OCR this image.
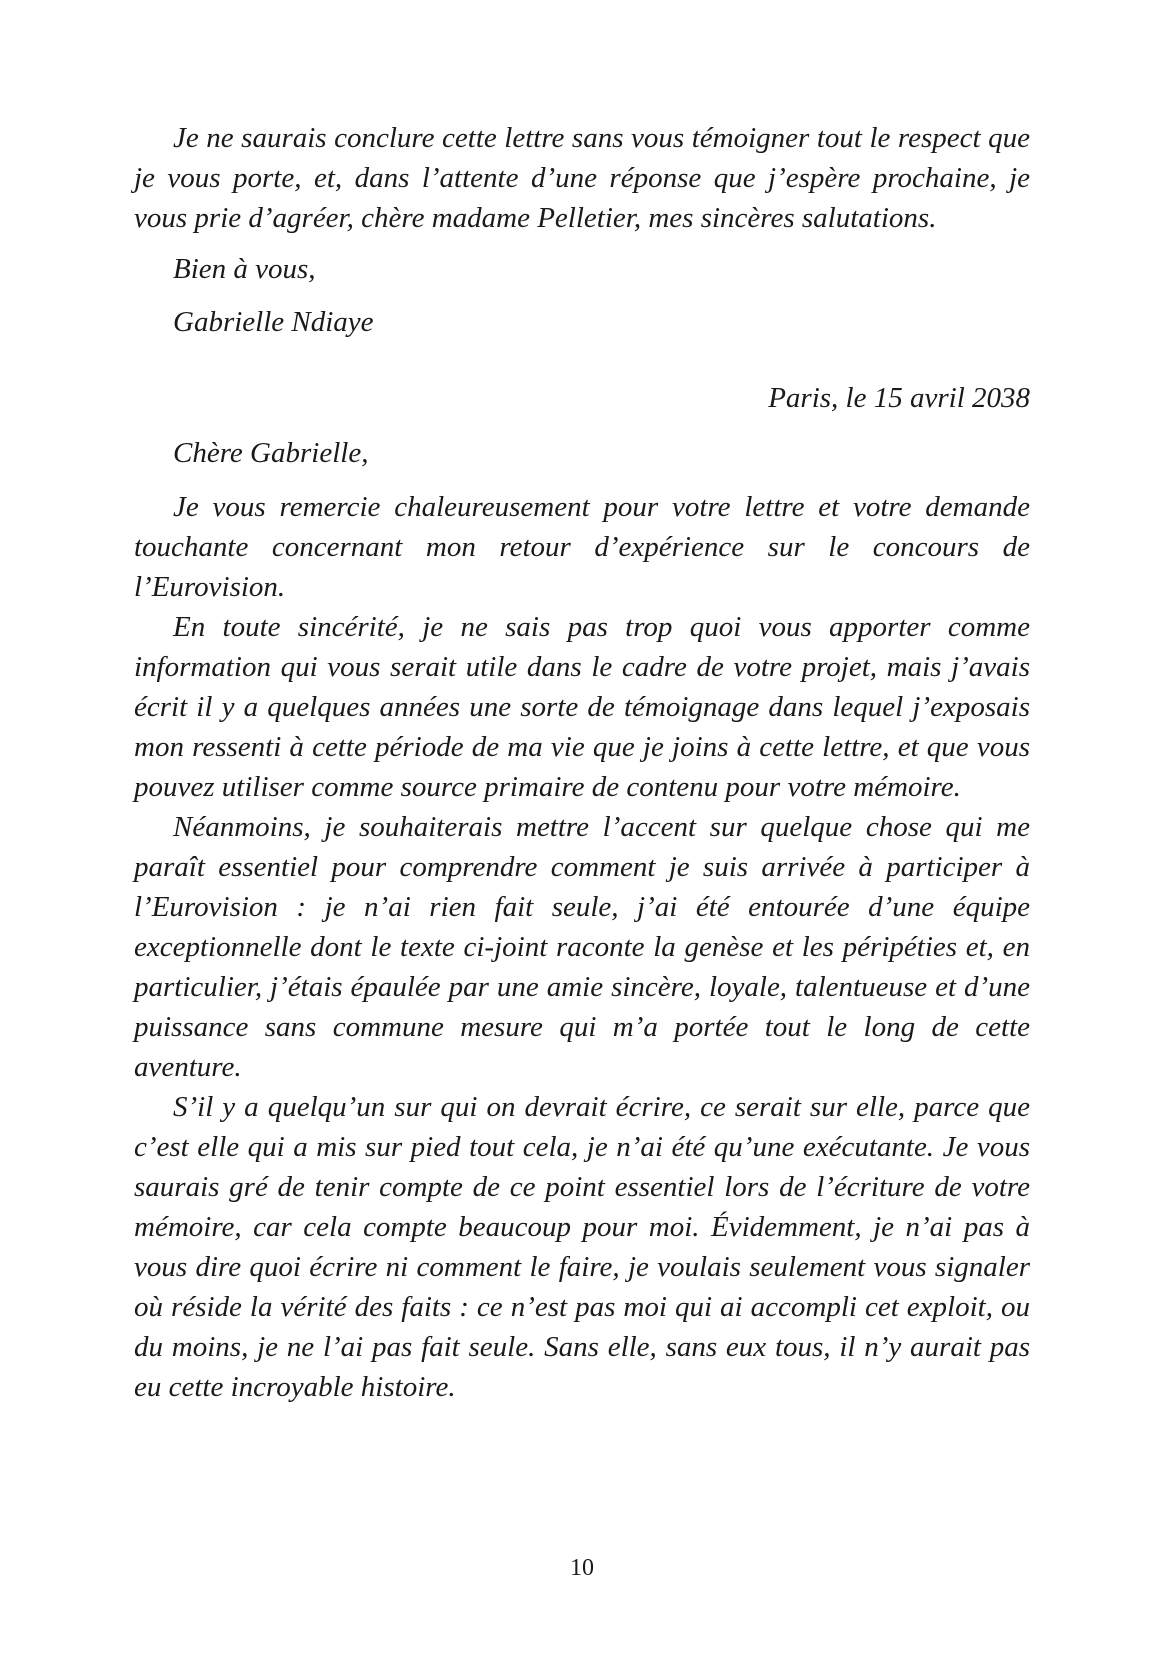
Je ne saurais conclure cette lettre sans vous témoigner tout le respect que je vous porte, et, dans l’attente d’une réponse que j’espère prochaine, je vous prie d’agréer, chère madame Pelletier, mes sincères salutations.

Bien à vous,

Gabrielle Ndiaye

Paris, le 15 avril 2038

Chère Gabrielle,

Je vous remercie chaleureusement pour votre lettre et votre demande touchante concernant mon retour d’expérience sur le concours de l’Eurovision.

En toute sincérité, je ne sais pas trop quoi vous apporter comme information qui vous serait utile dans le cadre de votre projet, mais j’avais écrit il y a quelques années une sorte de témoignage dans lequel j’exposais mon ressenti à cette période de ma vie que je joins à cette lettre, et que vous pouvez utiliser comme source primaire de contenu pour votre mémoire.

Néanmoins, je souhaiterais mettre l’accent sur quelque chose qui me paraît essentiel pour comprendre comment je suis arrivée à participer à l’Eurovision : je n’ai rien fait seule, j’ai été entourée d’une équipe exceptionnelle dont le texte ci-joint raconte la genèse et les péripéties et, en particulier, j’étais épaulée par une amie sincère, loyale, talentueuse et d’une puissance sans commune mesure qui m’a portée tout le long de cette aventure.

S’il y a quelqu’un sur qui on devrait écrire, ce serait sur elle, parce que c’est elle qui a mis sur pied tout cela, je n’ai été qu’une exécutante. Je vous saurais gré de tenir compte de ce point essentiel lors de l’écriture de votre mémoire, car cela compte beaucoup pour moi. Évidemment, je n’ai pas à vous dire quoi écrire ni comment le faire, je voulais seulement vous signaler où réside la vérité des faits : ce n’est pas moi qui ai accompli cet exploit, ou du moins, je ne l’ai pas fait seule. Sans elle, sans eux tous, il n’y aurait pas eu cette incroyable histoire.

10
